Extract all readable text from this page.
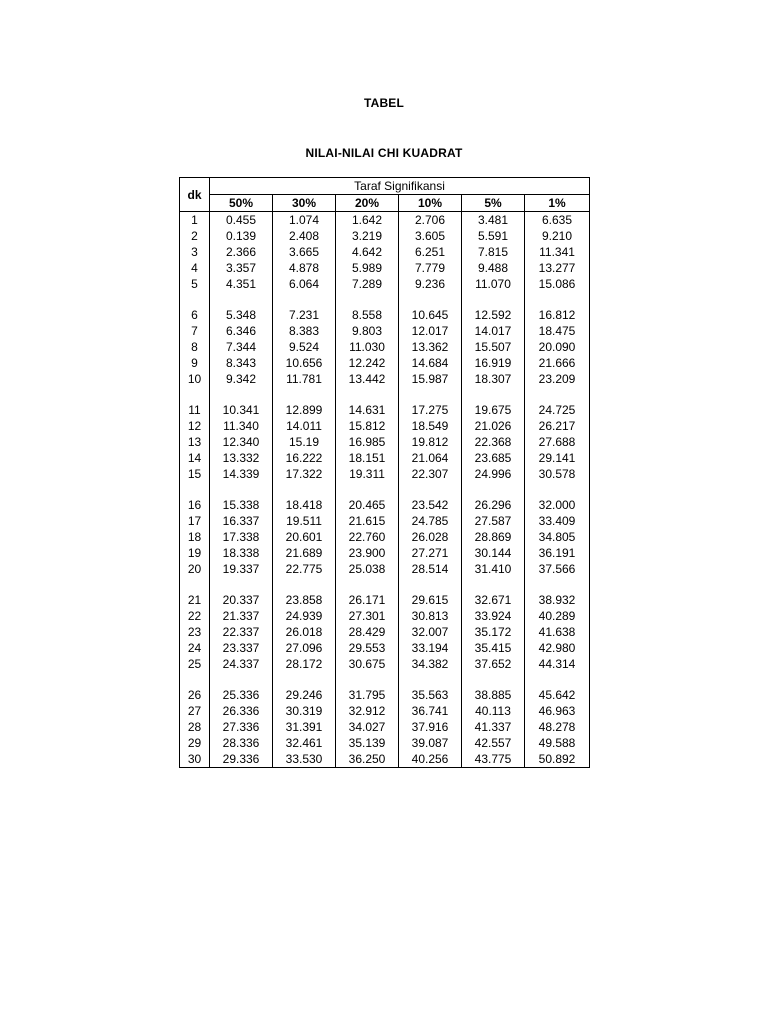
TABEL
NILAI-NILAI CHI KUADRAT
dk	Taraf Signifikansi					
	50%	30%	20%	10%	5%	1%
1	0.455	1.074	1.642	2.706	3.481	6.635
2	0.139	2.408	3.219	3.605	5.591	9.210
3	2.366	3.665	4.642	6.251	7.815	11.341
4	3.357	4.878	5.989	7.779	9.488	13.277
5	4.351	6.064	7.289	9.236	11.070	15.086

6	5.348	7.231	8.558	10.645	12.592	16.812
7	6.346	8.383	9.803	12.017	14.017	18.475
8	7.344	9.524	11.030	13.362	15.507	20.090
9	8.343	10.656	12.242	14.684	16.919	21.666
10	9.342	11.781	13.442	15.987	18.307	23.209

11	10.341	12.899	14.631	17.275	19.675	24.725
12	11.340	14.011	15.812	18.549	21.026	26.217
13	12.340	15.19	16.985	19.812	22.368	27.688
14	13.332	16.222	18.151	21.064	23.685	29.141
15	14.339	17.322	19.311	22.307	24.996	30.578

16	15.338	18.418	20.465	23.542	26.296	32.000
17	16.337	19.511	21.615	24.785	27.587	33.409
18	17.338	20.601	22.760	26.028	28.869	34.805
19	18.338	21.689	23.900	27.271	30.144	36.191
20	19.337	22.775	25.038	28.514	31.410	37.566

21	20.337	23.858	26.171	29.615	32.671	38.932
22	21.337	24.939	27.301	30.813	33.924	40.289
23	22.337	26.018	28.429	32.007	35.172	41.638
24	23.337	27.096	29.553	33.194	35.415	42.980
25	24.337	28.172	30.675	34.382	37.652	44.314

26	25.336	29.246	31.795	35.563	38.885	45.642
27	26.336	30.319	32.912	36.741	40.113	46.963
28	27.336	31.391	34.027	37.916	41.337	48.278
29	28.336	32.461	35.139	39.087	42.557	49.588
30	29.336	33.530	36.250	40.256	43.775	50.892
